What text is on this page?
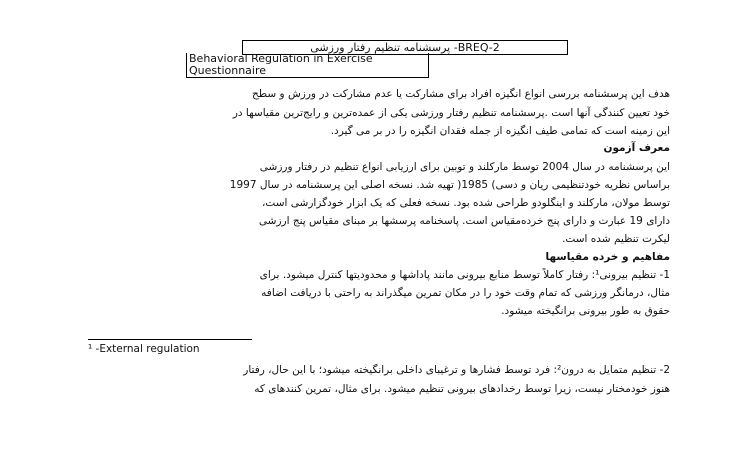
BREQ-2- پرسشنامه تنظیم رفتار ورزشی
Behavioral Regulation in Exercise Questionnaire
هدف این پرسشنامه بررسی انواع انگیزه افراد برای مشارکت یا عدم مشارکت در ورزش و سطح
خود تعیین کنندگی آنها است .پرسشنامه تنظیم رفتار ورزشی یکی از عمده‌ترین و رایج‌ترین مقیاسها در
این زمینه است که تمامی طیف انگیزه از جمله فقدان انگیزه را در بر می گیرد.
معرف آزمون
این پرسشنامه در سال 2004 توسط مارکلند و توبین برای ارزیابی انواع تنظیم در رفتار ورزشی
براساس نظریه خودتنظیمی ریان و دسی) 1985( تهیه شد. نسخه اصلی این پرسشنامه در سال 1997
توسط مولان، مارکلند و اینگلودو طراحی شده بود. نسخه فعلی که یک ابزار خودگزارشی است،
دارای 19 عبارت و دارای پنج خرده‌مقیاس است. پاسخنامه پرسشها بر مبنای مقیاس پنج ارزشی
لیکرت تنظیم شده است.
مفاهیم و خرده مقیاسها
1- تنظیم بیرونی¹: رفتار کاملاً توسط منابع بیرونی مانند پاداشها و محدودیتها کنترل میشود. برای
مثال، درمانگر ورزشی که تمام وقت خود را در مکان تمرین میگذراند به راحتی با دریافت اضافه
حقوق به طور بیرونی برانگیخته میشود.
¹ -External regulation
2- تنظیم متمایل به درون²: فرد توسط فشارها و ترغیبای داخلی برانگیخته میشود؛ با این حال، رفتار
هنوز خودمختار نیست، زیرا توسط رخدادهای بیرونی تنظیم میشود. برای مثال، تمرین کنندهای که
